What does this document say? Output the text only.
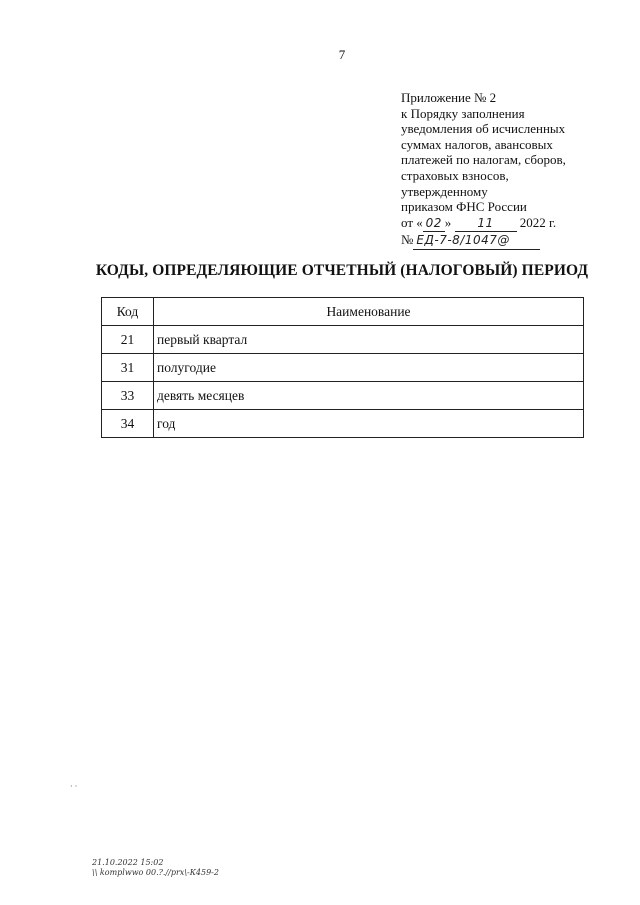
7
Приложение № 2
к Порядку заполнения
уведомления об исчисленных
суммах налогов, авансовых
платежей по налогам, сборов,
страховых взносов,
утвержденному
приказом ФНС России
от « 02 » 11 2022 г.
№ ЕД-7-8/1047@
КОДЫ, ОПРЕДЕЛЯЮЩИЕ ОТЧЕТНЫЙ (НАЛОГОВЫЙ) ПЕРИОД
Код	Наименование
21	первый квартал
31	полугодие
33	девять месяцев
34	год
· ·
21.10.2022 15:02
\\ komplwwo 00.?.//prx\-К459-2
